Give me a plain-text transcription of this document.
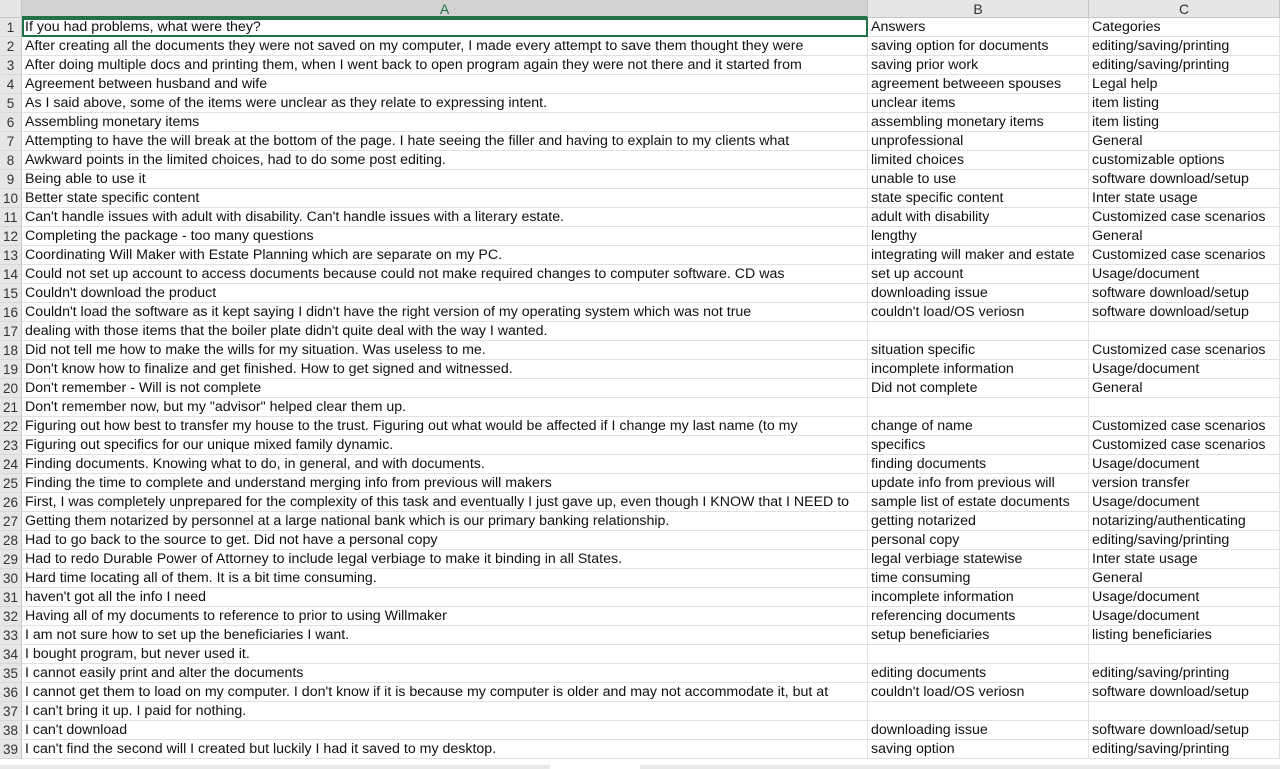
A	B	C
1 If you had problems, what were they?	Answers	Categories
2 After creating all the documents they were not saved on my computer, I made every attempt to save them thought they were	saving option for documents	editing/saving/printing
3 After doing multiple docs and printing them, when I went back to open program again they were not there and it started from	saving prior work	editing/saving/printing
4 Agreement between husband and wife	agreement betweeen spouses	Legal help
5 As I said above, some of the items were unclear as they relate to expressing intent.	unclear items	item listing
6 Assembling monetary items	assembling monetary items	item listing
7 Attempting to have the will break at the bottom of the page. I hate seeing the filler and having to explain to my clients what	unprofessional	General
8 Awkward points in the limited choices, had to do some post editing.	limited choices	customizable options
9 Being able to use it	unable to use	software download/setup
10 Better state specific content	state specific content	Inter state usage
11 Can't handle issues with adult with disability. Can't handle issues with a literary estate.	adult with disability	Customized case scenarios
12 Completing the package - too many questions	lengthy	General
13 Coordinating Will Maker with Estate Planning which are separate on my PC.	integrating will maker and estate	Customized case scenarios
14 Could not set up account to access documents because could not make required changes to computer software. CD was	set up account	Usage/document
15 Couldn't download the product	downloading issue	software download/setup
16 Couldn't load the software as it kept saying I didn't have the right version of my operating system which was not true	couldn't load/OS veriosn	software download/setup
17 dealing with those items that the boiler plate didn't quite deal with the way I wanted.
18 Did not tell me how to make the wills for my situation. Was useless to me.	situation specific	Customized case scenarios
19 Don't know how to finalize and get finished. How to get signed and witnessed.	incomplete information	Usage/document
20 Don't remember - Will is not complete	Did not complete	General
21 Don't remember now, but my "advisor" helped clear them up.
22 Figuring out how best to transfer my house to the trust. Figuring out what would be affected if I change my last name (to my	change of name	Customized case scenarios
23 Figuring out specifics for our unique mixed family dynamic.	specifics	Customized case scenarios
24 Finding documents. Knowing what to do, in general, and with documents.	finding documents	Usage/document
25 Finding the time to complete and understand merging info from previous will makers	update info from previous will	version transfer
26 First, I was completely unprepared for the complexity of this task and eventually I just gave up, even though I KNOW that I NEED to	sample list of estate documents	Usage/document
27 Getting them notarized by personnel at a large national bank which is our primary banking relationship.	getting notarized	notarizing/authenticating
28 Had to go back to the source to get. Did not have a personal copy	personal copy	editing/saving/printing
29 Had to redo Durable Power of Attorney to include legal verbiage to make it binding in all States.	legal verbiage statewise	Inter state usage
30 Hard time locating all of them. It is a bit time consuming.	time consuming	General
31 haven't got all the info I need	incomplete information	Usage/document
32 Having all of my documents to reference to prior to using Willmaker	referencing documents	Usage/document
33 I am not sure how to set up the beneficiaries I want.	setup beneficiaries	listing beneficiaries
34 I bought program, but never used it.
35 I cannot easily print and alter the documents	editing documents	editing/saving/printing
36 I cannot get them to load on my computer. I don't know if it is because my computer is older and may not accommodate it, but at	couldn't load/OS veriosn	software download/setup
37 I can't bring it up. I paid for nothing.
38 I can't download	downloading issue	software download/setup
39 I can't find the second will I created but luckily I had it saved to my desktop.	saving option	editing/saving/printing
